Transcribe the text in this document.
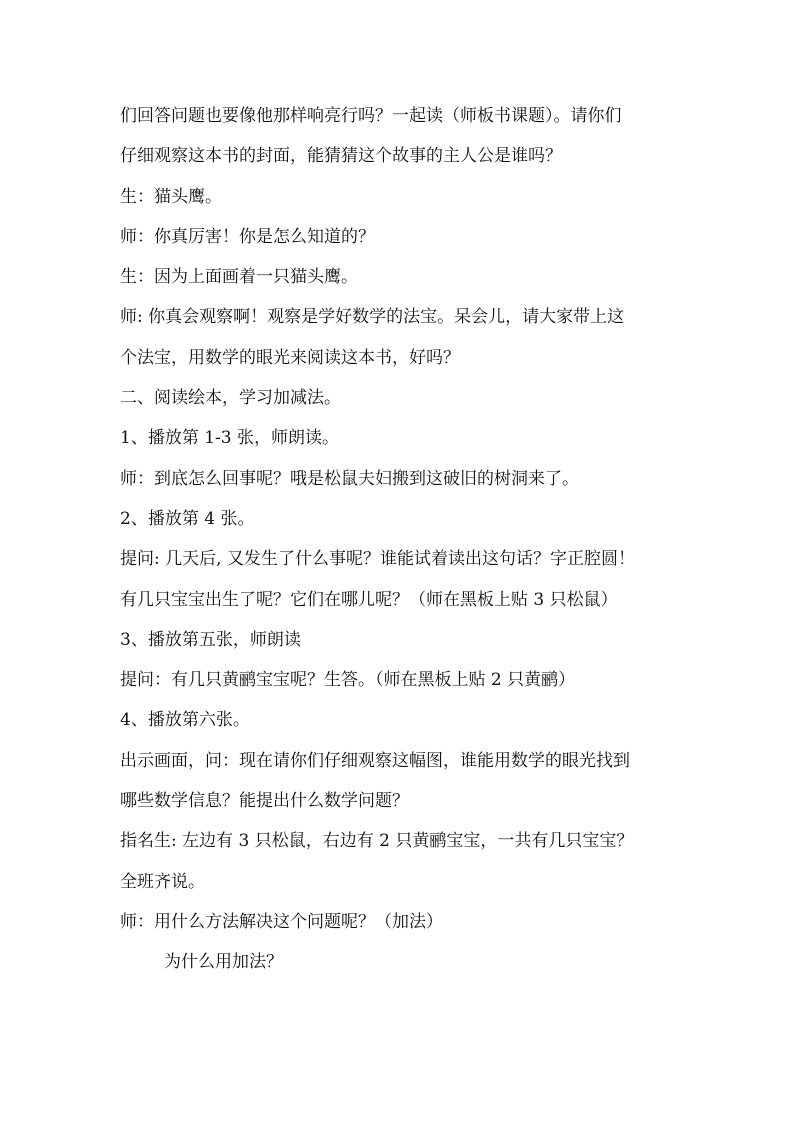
们回答问题也要像他那样响亮行吗？一起读（师板书课题）。请你们
仔细观察这本书的封面，能猜猜这个故事的主人公是谁吗？
生：猫头鹰。
师：你真厉害！你是怎么知道的？
生：因为上面画着一只猫头鹰。
师: 你真会观察啊！观察是学好数学的法宝。呆会儿，请大家带上这
个法宝，用数学的眼光来阅读这本书，好吗？
二、阅读绘本，学习加减法。
1、播放第 1-3 张，师朗读。
师：到底怎么回事呢？哦是松鼠夫妇搬到这破旧的树洞来了。
2、播放第 4 张。
提问: 几天后, 又发生了什么事呢？谁能试着读出这句话？字正腔圆！
有几只宝宝出生了呢？它们在哪儿呢？（师在黑板上贴 3 只松鼠）
3、播放第五张，师朗读
提问：有几只黄鹂宝宝呢？生答。（师在黑板上贴 2 只黄鹂）
4、播放第六张。
出示画面，问：现在请你们仔细观察这幅图，谁能用数学的眼光找到
哪些数学信息？能提出什么数学问题？
指名生: 左边有 3 只松鼠，右边有 2 只黄鹂宝宝，一共有几只宝宝？
全班齐说。
师：用什么方法解决这个问题呢？（加法）
为什么用加法？
